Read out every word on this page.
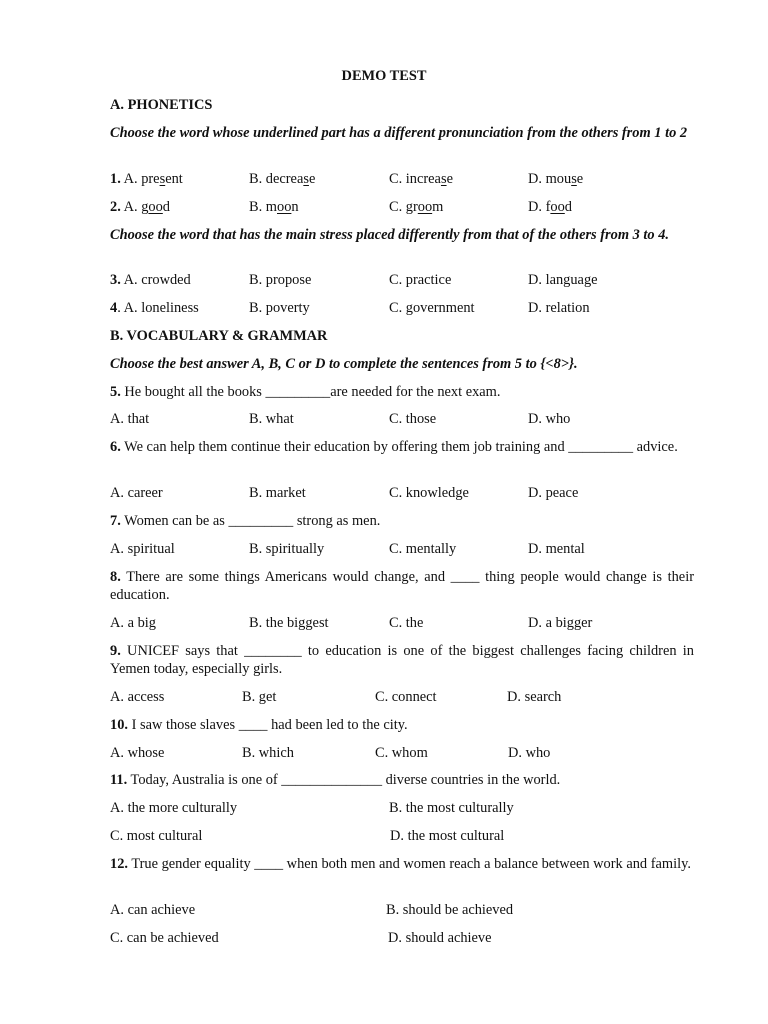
DEMO TEST
A. PHONETICS
Choose the word whose underlined part has a different pronunciation from the others from 1 to 2
1. A. present	B. decrease	C. increase	D. mouse
2. A. good	B. moon	C. groom	D. food
Choose the word that has the main stress placed differently from that of the others from 3 to 4.
3. A. crowded	B. propose	C. practice	D. language
4. A. loneliness	B. poverty	C. government	D. relation
B. VOCABULARY & GRAMMAR
Choose the best answer A, B, C or D to complete the sentences from 5 to {<8>}.
5. He bought all the books _________are needed for the next exam.
A. that	B. what	C. those	D. who
6. We can help them continue their education by offering them job training and _________ advice.
A. career	B. market	C. knowledge	D. peace
7. Women can be as _________ strong as men.
A. spiritual	B. spiritually	C. mentally	D. mental
8. There are some things Americans would change, and ____ thing people would change is their education.
A. a big	B. the biggest	C. the	D. a bigger
9. UNICEF says that ________ to education is one of the biggest challenges facing children in Yemen today, especially girls.
A. access	B. get	C. connect	D. search
10. I saw those slaves ____ had been led to the city.
A. whose	B. which	C. whom	D. who
11. Today, Australia is one of ______________ diverse countries in the world.
A. the more culturally	B. the most culturally
C. most cultural	D. the most cultural
12. True gender equality ____ when both men and women reach a balance between work and family.
A. can achieve	B. should be achieved
C. can be achieved	D. should achieve
